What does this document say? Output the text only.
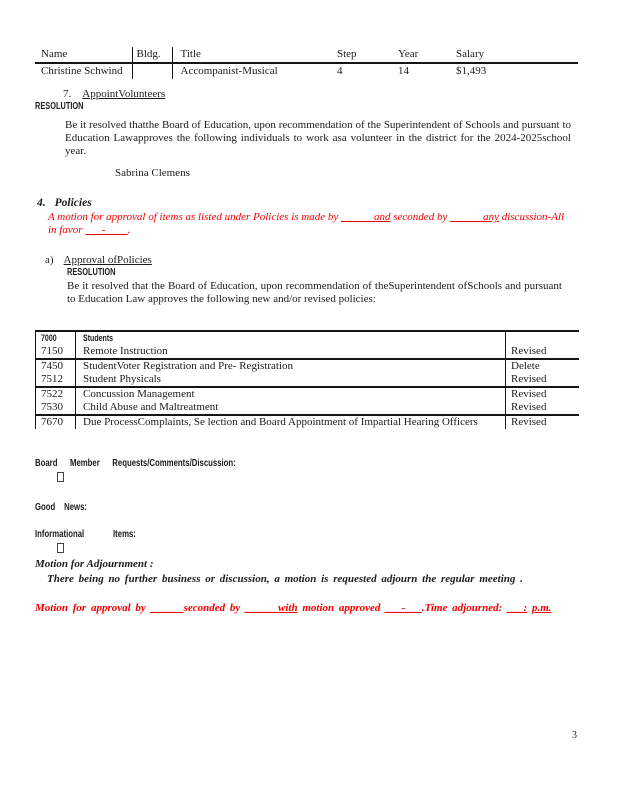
Name	Bldg.	Title	Step	Year	Salary
Christine Schwind		Accompanist-Musical	4	14	$1,493
7. AppointVolunteers
RESOLUTION
Be it resolved thatthe Board of Education, upon recommendation of the Superintendent of Schools and pursuant to Education Lawapproves the following individuals to work asa volunteer in the district for the 2024-2025school year.
Sabrina Clemens
4. Policies
A motion for approval of items as listed under Policies is made by ______and seconded by ______any discussion-All in favor ___-____.
a) Approval ofPolicies
RESOLUTION
Be it resolved that the Board of Education, upon recommendation of theSuperintendent ofSchools and pursuant to Education Law approves the following new and/or revised policies:
7000	Students	
7150	Remote Instruction	Revised
7450	StudentVoter Registration and Pre- Registration	Delete
7512	Student Physicals	Revised
7522	Concussion Management	Revised
7530	Child Abuse and Maltreatment	Revised
7670	Due ProcessComplaints, Se lection and Board Appointment of Impartial Hearing Officers	Revised
Board Member Requests/Comments/Discussion:
Good News:
Informational Items:
Motion for Adjournment :
There being no further business or discussion, a motion is requested adjourn the regular meeting .
Motion for approval by ______seconded by ______with motion approved ___-___.Time adjourned: ___: p.m.
3
